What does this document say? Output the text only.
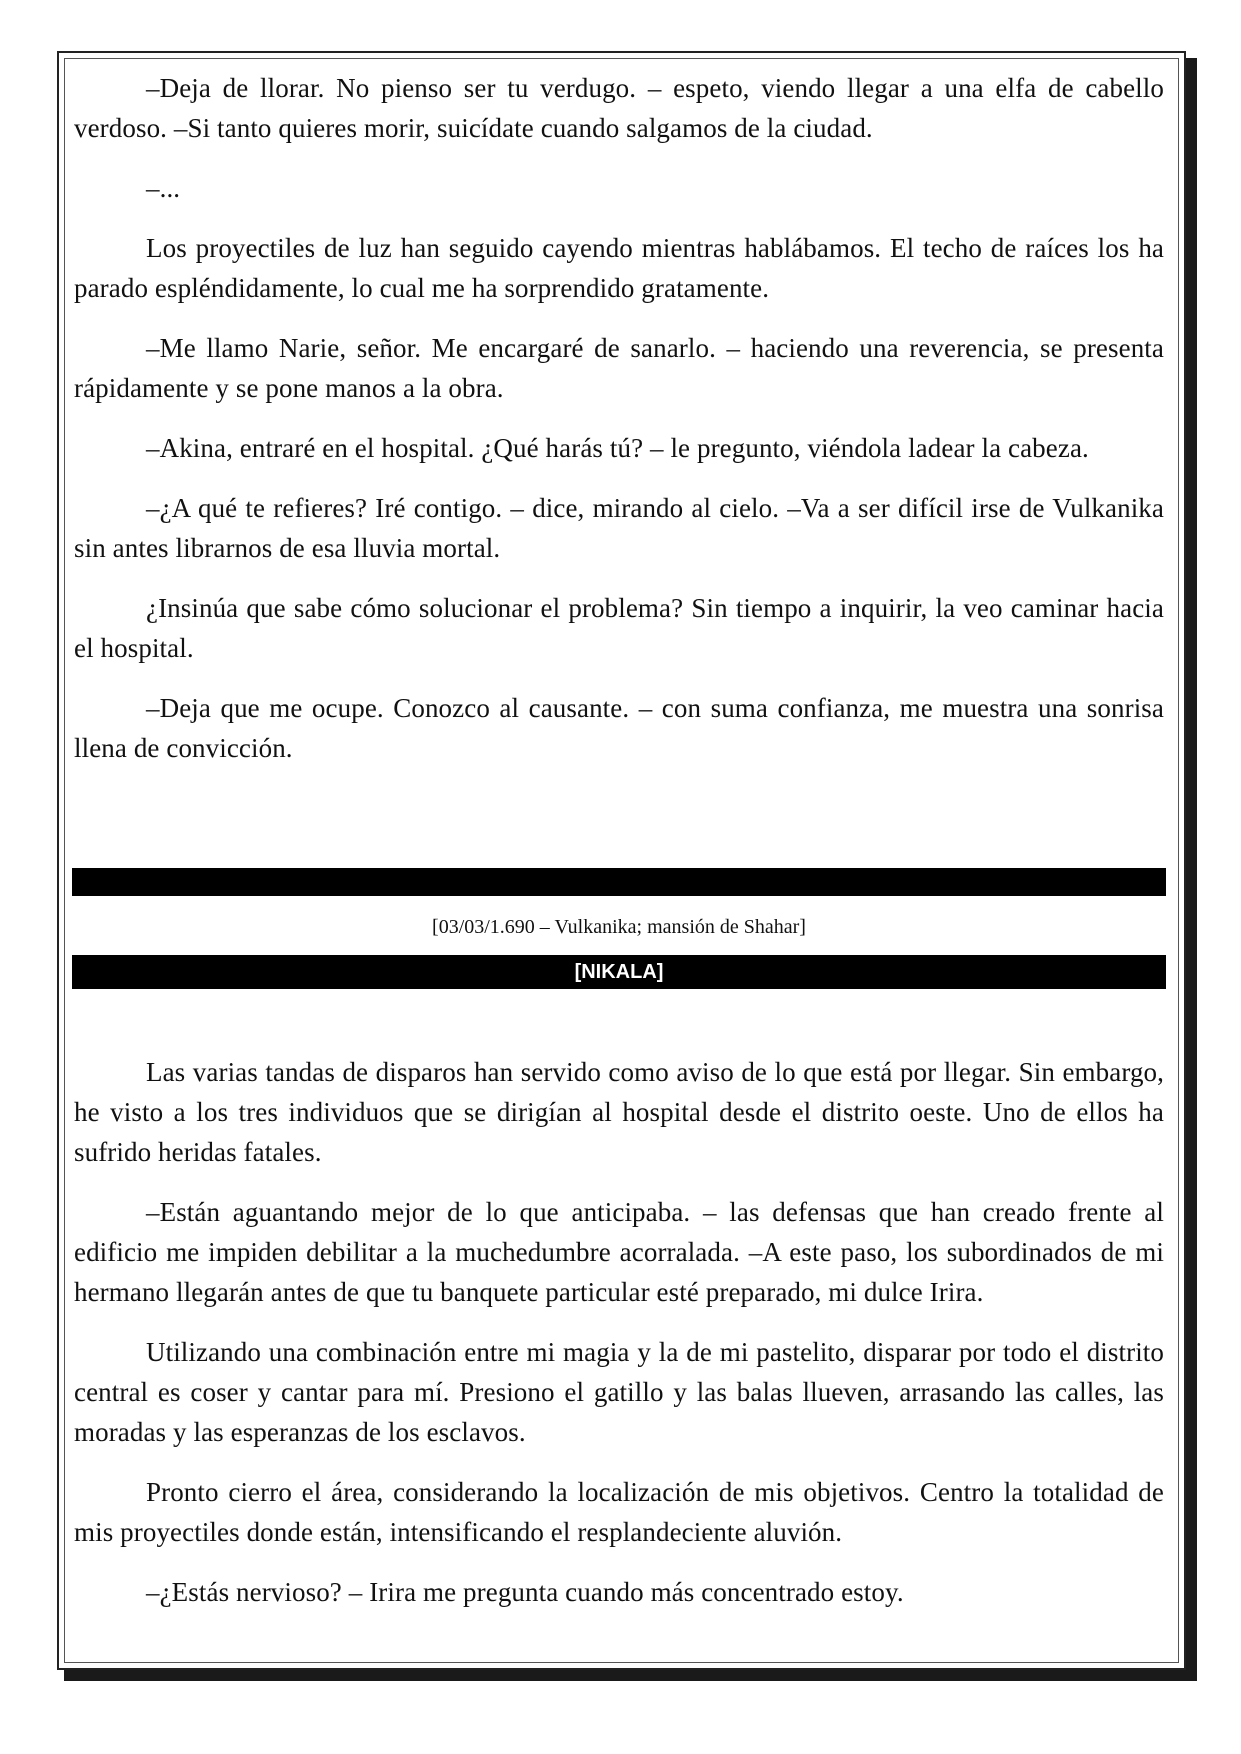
–Deja de llorar. No pienso ser tu verdugo. – espeto, viendo llegar a una elfa de cabello verdoso. –Si tanto quieres morir, suicídate cuando salgamos de la ciudad.

–...

Los proyectiles de luz han seguido cayendo mientras hablábamos. El techo de raíces los ha parado espléndidamente, lo cual me ha sorprendido gratamente.

–Me llamo Narie, señor. Me encargaré de sanarlo. – haciendo una reverencia, se presenta rápidamente y se pone manos a la obra.

–Akina, entraré en el hospital. ¿Qué harás tú? – le pregunto, viéndola ladear la cabeza.

–¿A qué te refieres? Iré contigo. – dice, mirando al cielo. –Va a ser difícil irse de Vulkanika sin antes librarnos de esa lluvia mortal.

¿Insinúa que sabe cómo solucionar el problema? Sin tiempo a inquirir, la veo caminar hacia el hospital.

–Deja que me ocupe. Conozco al causante. – con suma confianza, me muestra una sonrisa llena de convicción.

[03/03/1.690 – Vulkanika; mansión de Shahar]
[NIKALA]

Las varias tandas de disparos han servido como aviso de lo que está por llegar. Sin embargo, he visto a los tres individuos que se dirigían al hospital desde el distrito oeste. Uno de ellos ha sufrido heridas fatales.

–Están aguantando mejor de lo que anticipaba. – las defensas que han creado frente al edificio me impiden debilitar a la muchedumbre acorralada. –A este paso, los subordinados de mi hermano llegarán antes de que tu banquete particular esté preparado, mi dulce Irira.

Utilizando una combinación entre mi magia y la de mi pastelito, disparar por todo el distrito central es coser y cantar para mí. Presiono el gatillo y las balas llueven, arrasando las calles, las moradas y las esperanzas de los esclavos.

Pronto cierro el área, considerando la localización de mis objetivos. Centro la totalidad de mis proyectiles donde están, intensificando el resplandeciente aluvión.

–¿Estás nervioso? – Irira me pregunta cuando más concentrado estoy.
